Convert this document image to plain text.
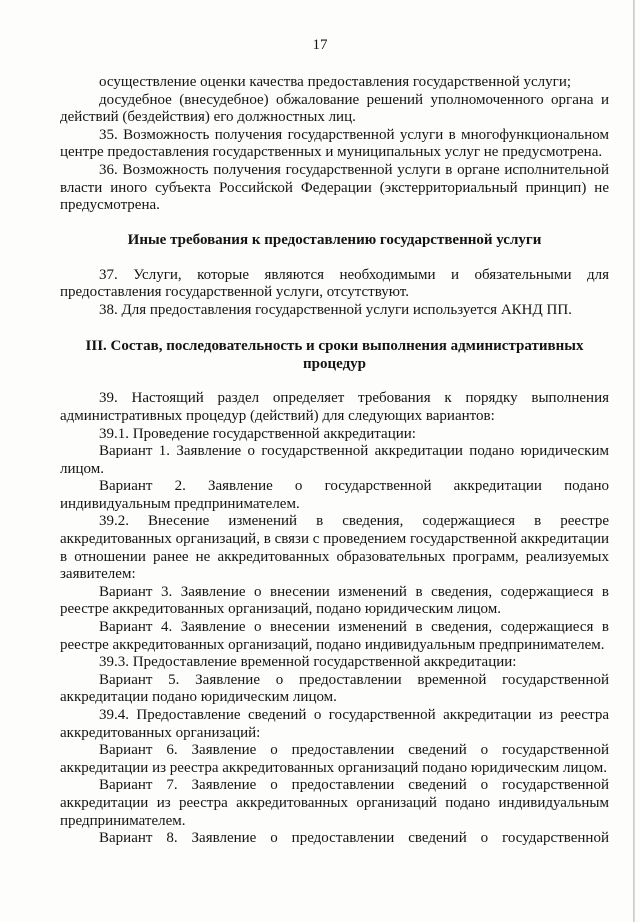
17

осуществление оценки качества предоставления государственной услуги;

досудебное (внесудебное) обжалование решений уполномоченного органа и действий (бездействия) его должностных лиц.

35. Возможность получения государственной услуги в многофункциональном центре предоставления государственных и муниципальных услуг не предусмотрена.

36. Возможность получения государственной услуги в органе исполнительной власти иного субъекта Российской Федерации (экстерриториальный принцип) не предусмотрена.

Иные требования к предоставлению государственной услуги

37. Услуги, которые являются необходимыми и обязательными для предоставления государственной услуги, отсутствуют.

38. Для предоставления государственной услуги используется АКНД ПП.

III. Состав, последовательность и сроки выполнения административных процедур

39. Настоящий раздел определяет требования к порядку выполнения административных процедур (действий) для следующих вариантов:

39.1. Проведение государственной аккредитации:

Вариант 1. Заявление о государственной аккредитации подано юридическим лицом.

Вариант 2. Заявление о государственной аккредитации подано индивидуальным предпринимателем.

39.2. Внесение изменений в сведения, содержащиеся в реестре аккредитованных организаций, в связи с проведением государственной аккредитации в отношении ранее не аккредитованных образовательных программ, реализуемых заявителем:

Вариант 3. Заявление о внесении изменений в сведения, содержащиеся в реестре аккредитованных организаций, подано юридическим лицом.

Вариант 4. Заявление о внесении изменений в сведения, содержащиеся в реестре аккредитованных организаций, подано индивидуальным предпринимателем.

39.3. Предоставление временной государственной аккредитации:

Вариант 5. Заявление о предоставлении временной государственной аккредитации подано юридическим лицом.

39.4. Предоставление сведений о государственной аккредитации из реестра аккредитованных организаций:

Вариант 6. Заявление о предоставлении сведений о государственной аккредитации из реестра аккредитованных организаций подано юридическим лицом.

Вариант 7. Заявление о предоставлении сведений о государственной аккредитации из реестра аккредитованных организаций подано индивидуальным предпринимателем.

Вариант 8. Заявление о предоставлении сведений о государственной
